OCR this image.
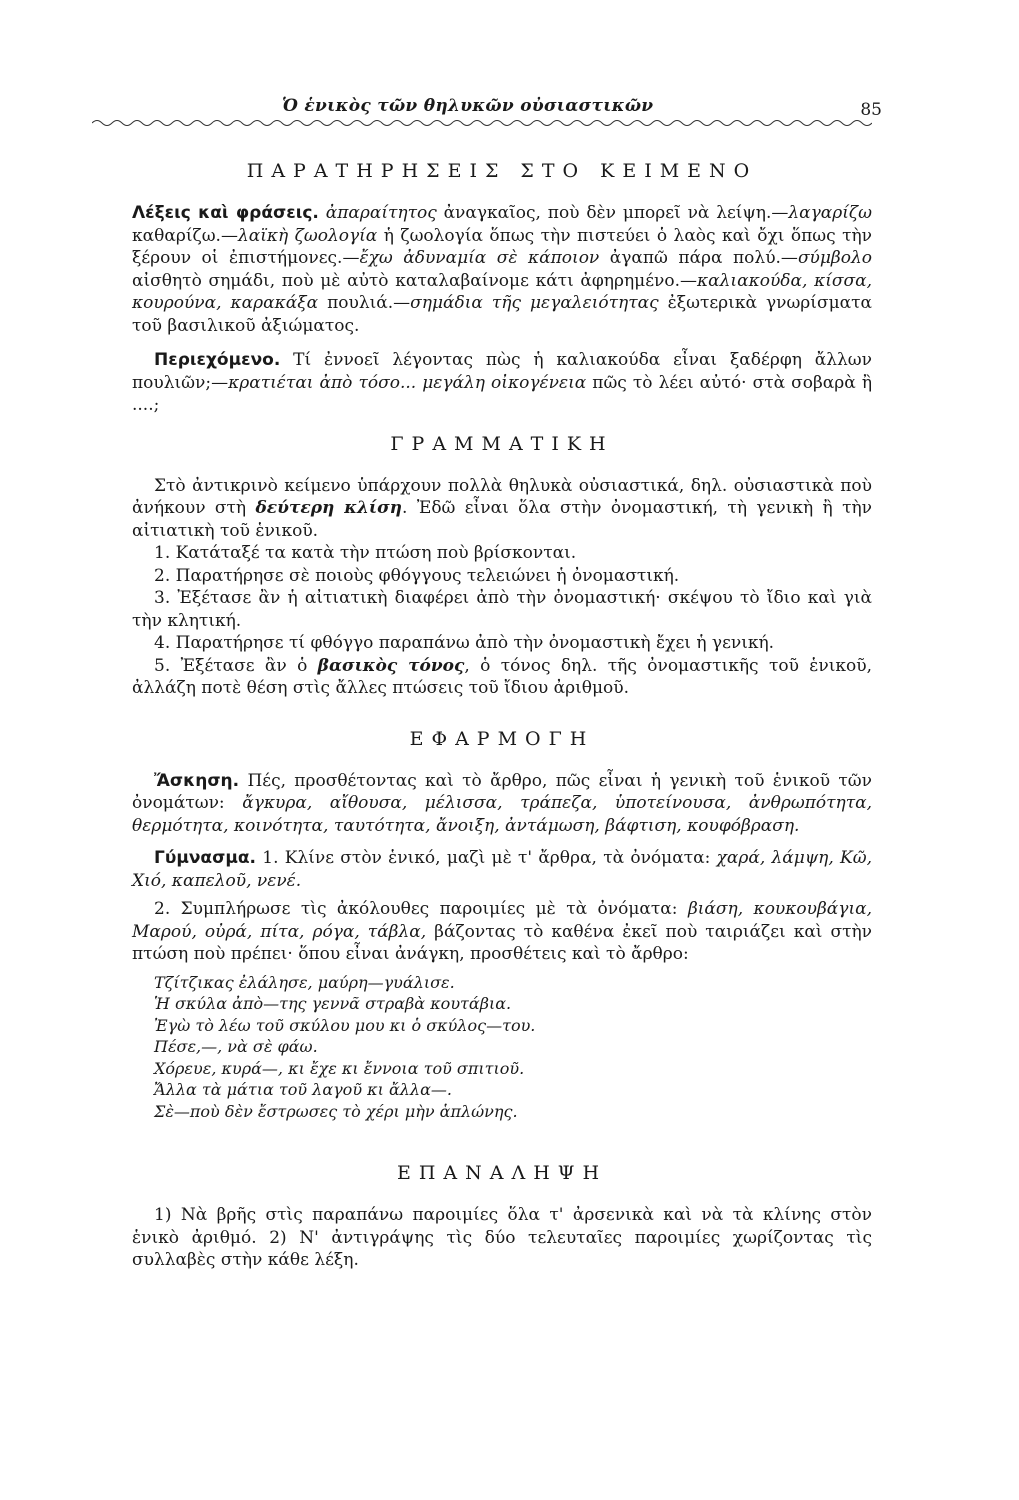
Ὁ ἑνικὸς τῶν θηλυκῶν οὐσιαστικῶν	85
ΠΑΡΑΤΗΡΗΣΕΙΣ ΣΤΟ ΚΕΙΜΕΝΟ

Λέξεις καὶ φράσεις. ἀπαραίτητος ἀναγκαῖος, ποὺ δὲν μπορεῖ νὰ λείψη.—λαγαρίζω καθαρίζω.—λαϊκὴ ζωολογία ἡ ζωολογία ὅπως τὴν πιστεύει ὁ λαὸς καὶ ὄχι ὅπως τὴν ξέρουν οἱ ἐπιστήμονες.—ἔχω ἀδυναμία σὲ κάποιον ἀγαπῶ πάρα πολύ.—σύμβολο αἰσθητὸ σημάδι, ποὺ μὲ αὐτὸ καταλαβαίνομε κάτι ἀφηρημένο.—καλιακούδα, κίσσα, κουρούνα, καρακάξα πουλιά.—σημάδια τῆς μεγαλειότητας ἐξωτερικὰ γνωρίσματα τοῦ βασιλικοῦ ἀξιώματος.

Περιεχόμενο. Τί ἐννοεῖ λέγοντας πὼς ἡ καλιακούδα εἶναι ξαδέρφη ἄλλων πουλιῶν;—κρατιέται ἀπὸ τόσο... μεγάλη οἰκογένεια πῶς τὸ λέει αὐτό· στὰ σοβαρὰ ἢ ....;

ΓΡΑΜΜΑΤΙΚΗ

Στὸ ἀντικρινὸ κείμενο ὑπάρχουν πολλὰ θηλυκὰ οὐσιαστικά, δηλ. οὐσιαστικὰ ποὺ ἀνήκουν στὴ δεύτερη κλίση. Ἐδῶ εἶναι ὅλα στὴν ὀνομαστική, τὴ γενικὴ ἢ τὴν αἰτιατικὴ τοῦ ἑνικοῦ.

1. Κατάταξέ τα κατὰ τὴν πτώση ποὺ βρίσκονται.

2. Παρατήρησε σὲ ποιοὺς φθόγγους τελειώνει ἡ ὀνομαστική.

3. Ἐξέτασε ἂν ἡ αἰτιατικὴ διαφέρει ἀπὸ τὴν ὀνομαστική· σκέψου τὸ ἴδιο καὶ γιὰ τὴν κλητική.

4. Παρατήρησε τί φθόγγο παραπάνω ἀπὸ τὴν ὀνομαστικὴ ἔχει ἡ γενική.

5. Ἐξέτασε ἂν ὁ βασικὸς τόνος, ὁ τόνος δηλ. τῆς ὀνομαστικῆς τοῦ ἑνικοῦ, ἀλλάζη ποτὲ θέση στὶς ἄλλες πτώσεις τοῦ ἴδιου ἀριθμοῦ.

ΕΦΑΡΜΟΓΗ

Ἄσκηση. Πές, προσθέτοντας καὶ τὸ ἄρθρο, πῶς εἶναι ἡ γενικὴ τοῦ ἑνικοῦ τῶν ὀνομάτων: ἄγκυρα, αἴθουσα, μέλισσα, τράπεζα, ὑποτείνουσα, ἀνθρωπότητα, θερμότητα, κοινότητα, ταυτότητα, ἄνοιξη, ἀντάμωση, βάφτιση, κουφόβραση.

Γύμνασμα. 1. Κλίνε στὸν ἑνικό, μαζὶ μὲ τ' ἄρθρα, τὰ ὀνόματα: χαρά, λάμψη, Κῶ, Χιό, καπελοῦ, νενέ.

2. Συμπλήρωσε τὶς ἀκόλουθες παροιμίες μὲ τὰ ὀνόματα: βιάση, κουκουβάγια, Μαρού, οὐρά, πίτα, ρόγα, τάβλα, βάζοντας τὸ καθένα ἐκεῖ ποὺ ταιριάζει καὶ στὴν πτώση ποὺ πρέπει· ὅπου εἶναι ἀνάγκη, προσθέτεις καὶ τὸ ἄρθρο:

Τζίτζικας ἐλάλησε, μαύρη—γυάλισε.
Ἡ σκύλα ἀπὸ—της γεννᾶ στραβὰ κουτάβια.
Ἐγὼ τὸ λέω τοῦ σκύλου μου κι ὁ σκύλος—του.
Πέσε,—, νὰ σὲ φάω.
Χόρευε, κυρά—, κι ἔχε κι ἔννοια τοῦ σπιτιοῦ.
Ἄλλα τὰ μάτια τοῦ λαγοῦ κι ἄλλα—.
Σὲ—ποὺ δὲν ἔστρωσες τὸ χέρι μὴν ἁπλώνης.
ΕΠΑΝΑΛΗΨΗ

1) Νὰ βρῆς στὶς παραπάνω παροιμίες ὅλα τ' ἀρσενικὰ καὶ νὰ τὰ κλίνης στὸν ἑνικὸ ἀριθμό. 2) Ν' ἀντιγράψης τὶς δύο τελευταῖες παροιμίες χωρίζοντας τὶς συλλαβὲς στὴν κάθε λέξη.
